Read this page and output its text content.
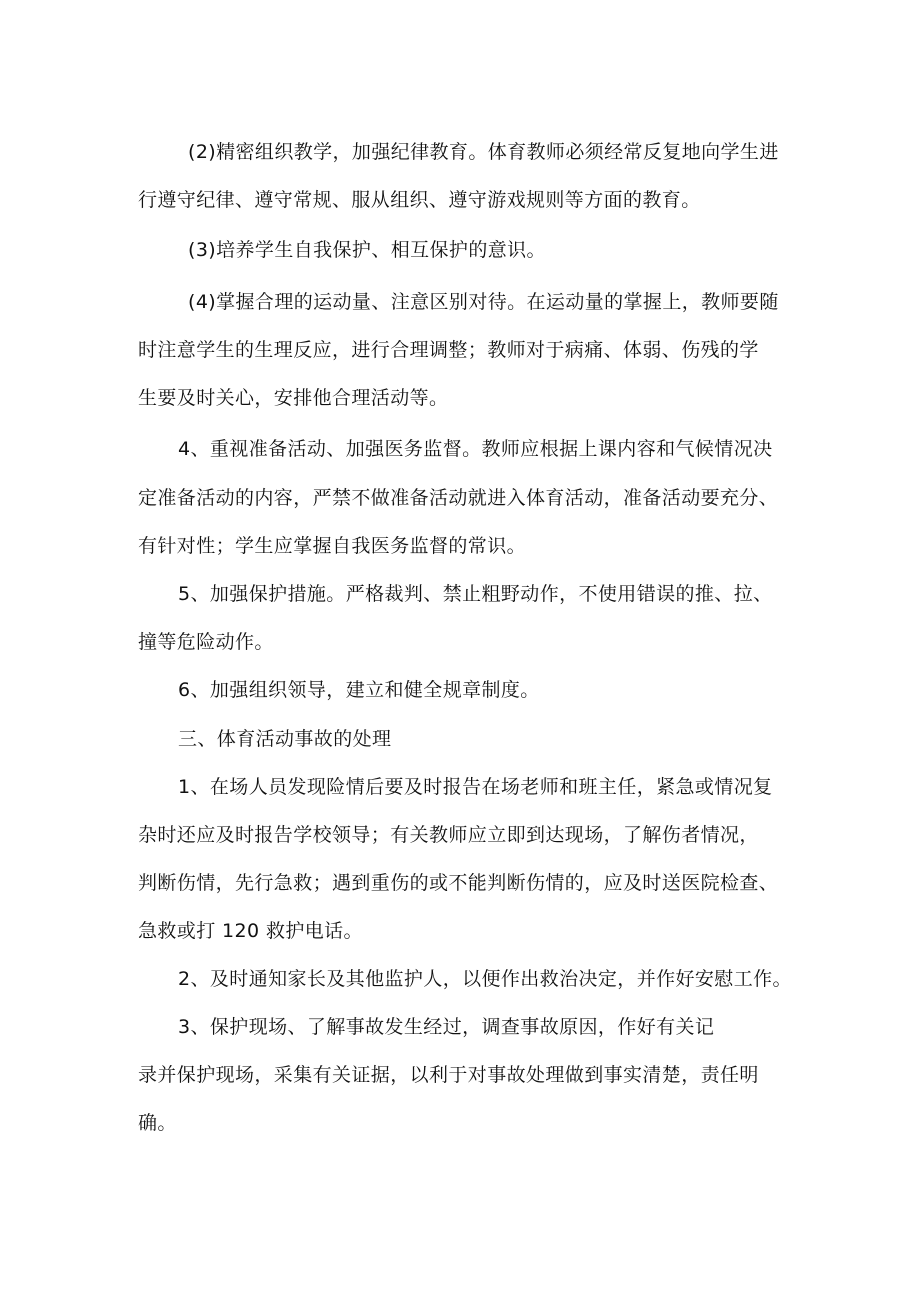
(2)精密组织教学，加强纪律教育。体育教师必须经常反复地向学生进
行遵守纪律、遵守常规、服从组织、遵守游戏规则等方面的教育。
(3)培养学生自我保护、相互保护的意识。
(4)掌握合理的运动量、注意区别对待。在运动量的掌握上，教师要随
时注意学生的生理反应，进行合理调整；教师对于病痛、体弱、伤残的学
生要及时关心，安排他合理活动等。
4、重视准备活动、加强医务监督。教师应根据上课内容和气候情况决
定准备活动的内容，严禁不做准备活动就进入体育活动，准备活动要充分、
有针对性；学生应掌握自我医务监督的常识。
5、加强保护措施。严格裁判、禁止粗野动作，不使用错误的推、拉、
撞等危险动作。
6、加强组织领导，建立和健全规章制度。
三、体育活动事故的处理
1、在场人员发现险情后要及时报告在场老师和班主任，紧急或情况复
杂时还应及时报告学校领导；有关教师应立即到达现场，了解伤者情况，
判断伤情，先行急救；遇到重伤的或不能判断伤情的，应及时送医院检查、
急救或打 120 救护电话。
2、及时通知家长及其他监护人，以便作出救治决定，并作好安慰工作。
3、保护现场、了解事故发生经过，调查事故原因，作好有关记
录并保护现场，采集有关证据，以利于对事故处理做到事实清楚，责任明
确。
